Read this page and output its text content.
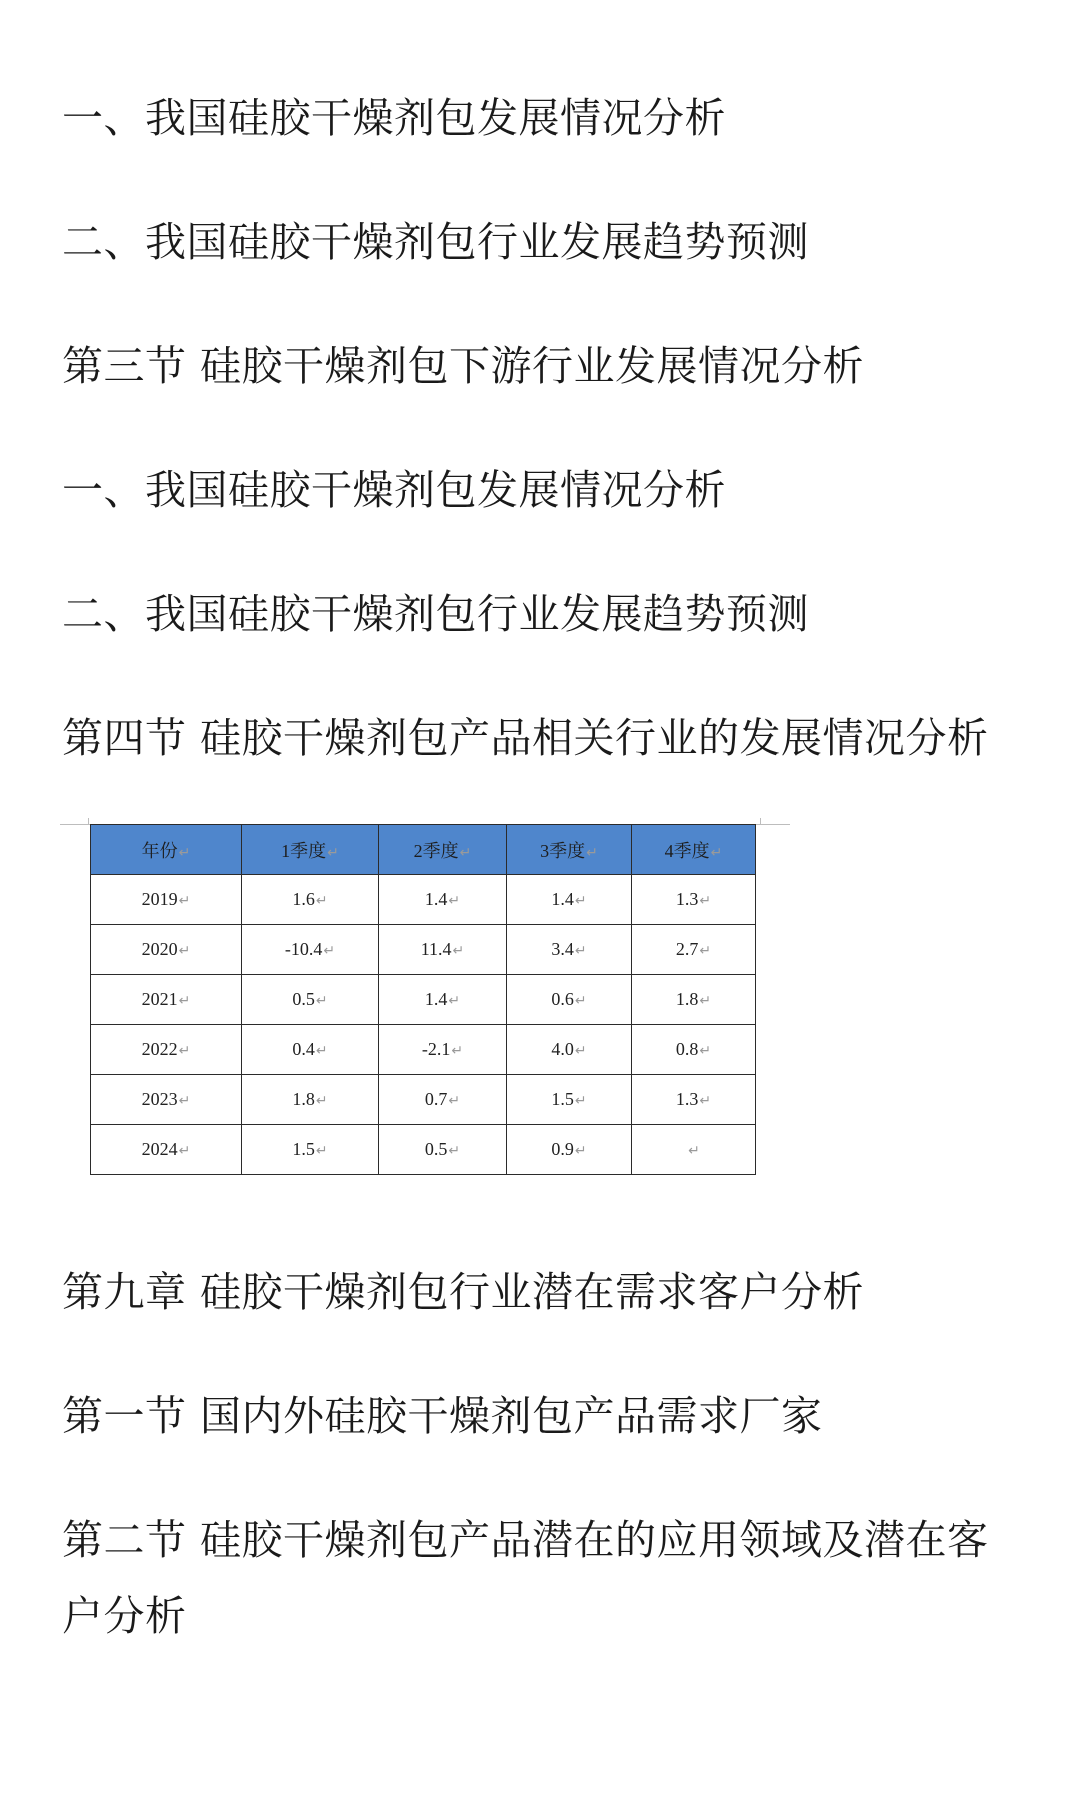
一、我国硅胶干燥剂包发展情况分析

二、我国硅胶干燥剂包行业发展趋势预测

第三节 硅胶干燥剂包下游行业发展情况分析

一、我国硅胶干燥剂包发展情况分析

二、我国硅胶干燥剂包行业发展趋势预测

第四节 硅胶干燥剂包产品相关行业的发展情况分析

年份↵	1季度↵	2季度↵	3季度↵	4季度↵
2019↵	1.6↵	1.4↵	1.4↵	1.3↵
2020↵	-10.4↵	11.4↵	3.4↵	2.7↵
2021↵	0.5↵	1.4↵	0.6↵	1.8↵
2022↵	0.4↵	-2.1↵	4.0↵	0.8↵
2023↵	1.8↵	0.7↵	1.5↵	1.3↵
2024↵	1.5↵	0.5↵	0.9↵	↵

第九章 硅胶干燥剂包行业潜在需求客户分析

第一节 国内外硅胶干燥剂包产品需求厂家

第二节 硅胶干燥剂包产品潜在的应用领域及潜在客户分析
